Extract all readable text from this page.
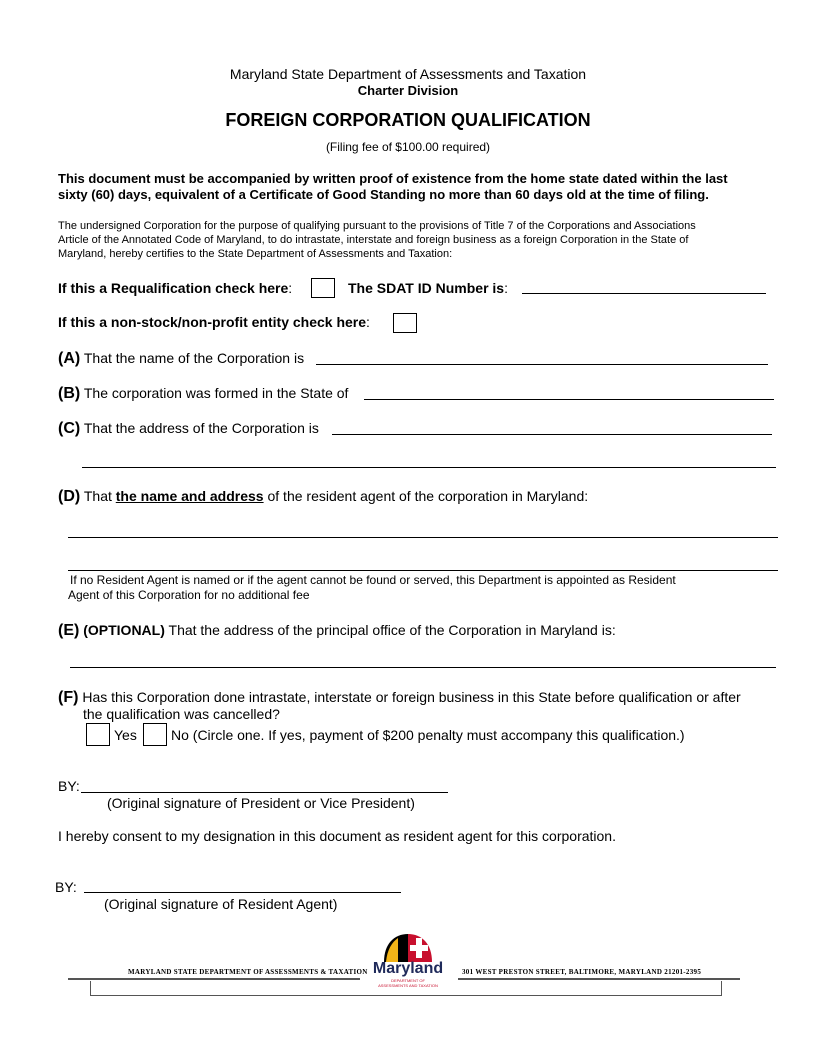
Maryland State Department of Assessments and Taxation
Charter Division
FOREIGN CORPORATION QUALIFICATION
(Filing fee of $100.00 required)
This document must be accompanied by written proof of existence from the home state dated within the last
sixty (60) days, equivalent of a Certificate of Good Standing no more than 60 days old at the time of filing.
The undersigned Corporation for the purpose of qualifying pursuant to the provisions of Title 7 of the Corporations and Associations
Article of the Annotated Code of Maryland, to do intrastate, interstate and foreign business as a foreign Corporation in the State of
Maryland, hereby certifies to the State Department of Assessments and Taxation:
If this a Requalification check here:	The SDAT ID Number is:
If this a non-stock/non-profit entity check here:
(A) That the name of the Corporation is
(B) The corporation was formed in the State of
(C) That the address of the Corporation is
(D) That the name and address of the resident agent of the corporation in Maryland:
If no Resident Agent is named or if the agent cannot be found or served, this Department is appointed as Resident
Agent of this Corporation for no additional fee
(E) (OPTIONAL) That the address of the principal office of the Corporation in Maryland is:
(F) Has this Corporation done intrastate, interstate or foreign business in this State before qualification or after
the qualification was cancelled?
Yes No (Circle one. If yes, payment of $200 penalty must accompany this qualification.)
BY:
(Original signature of President or Vice President)
I hereby consent to my designation in this document as resident agent for this corporation.
BY:
(Original signature of Resident Agent)
MARYLAND STATE DEPARTMENT OF ASSESSMENTS & TAXATION	301 WEST PRESTON STREET, BALTIMORE, MARYLAND 21201-2395
Maryland
DEPARTMENT OF
ASSESSMENTS AND TAXATION
